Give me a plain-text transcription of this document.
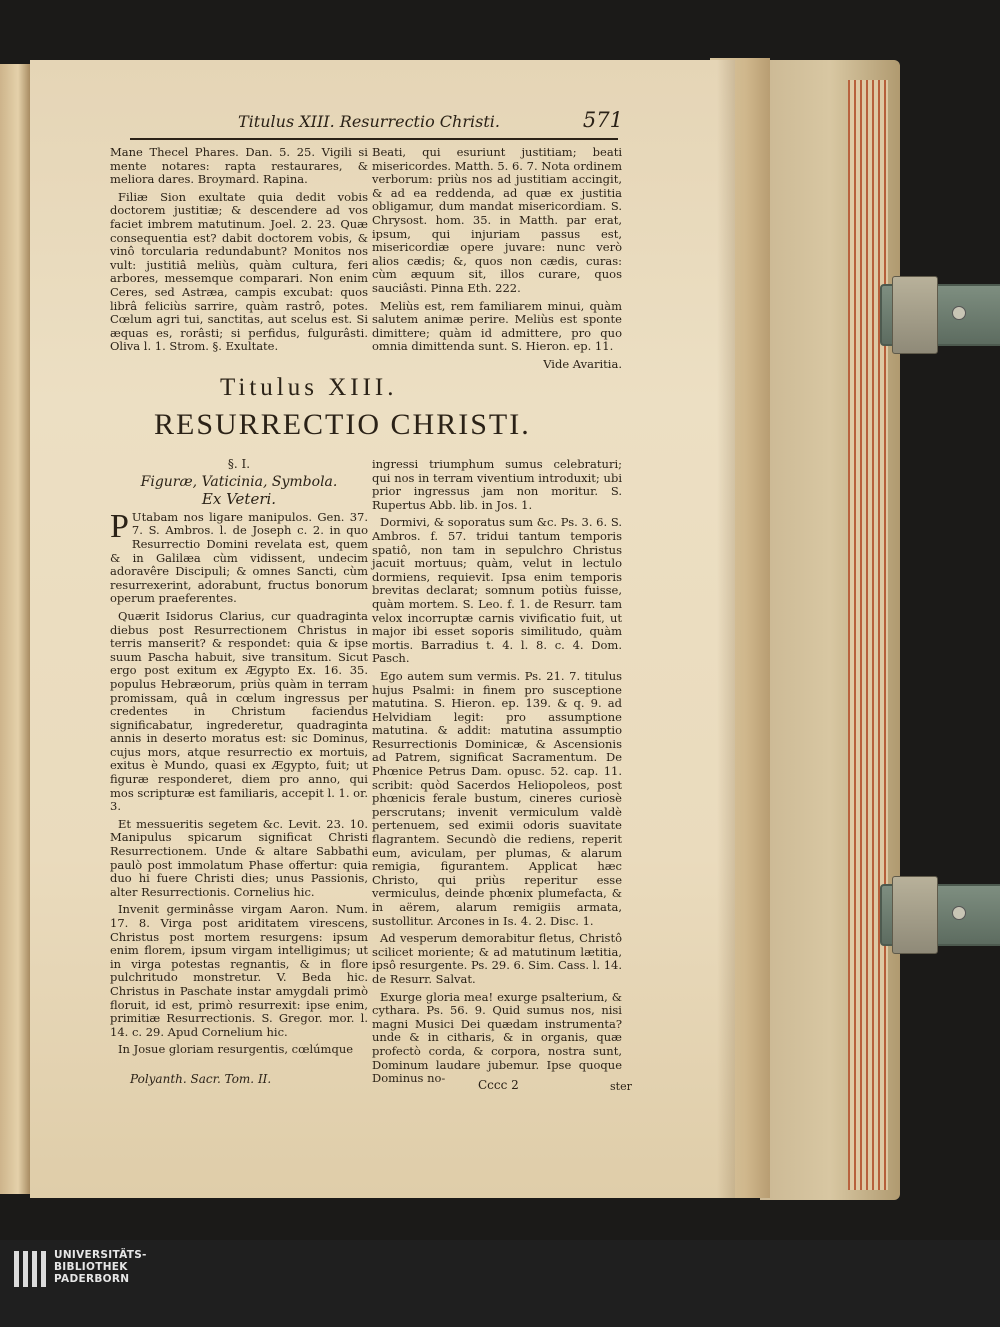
Titulus XIII. Resurrectio Christi.	571

Mane Thecel Phares. Dan. 5. 25. Vigili si mente notares: rapta restaurares, & meliora dares. Broymard. Rapina.

Filiæ Sion exultate quia dedit vobis doctorem justitiæ; & descendere ad vos faciet imbrem matutinum. Joel. 2. 23. Quæ consequentia est? dabit doctorem vobis, & vinô torcularia redundabunt? Monitos nos vult: justitiâ meliùs, quàm cultura, feri arbores, messemque comparari. Non enim Ceres, sed Astræa, campis excubat: quos librâ feliciùs sarrire, quàm rastrô, potes. Cœlum agri tui, sanctitas, aut scelus est. Si æquas es, rorâsti; si perfidus, fulgurâsti. Oliva l. 1. Strom. §. Exultate.

Beati, qui esuriunt justitiam; beati misericordes. Matth. 5. 6. 7. Nota ordinem verborum: priùs nos ad justitiam accingit, & ad ea reddenda, ad quæ ex justitia obligamur, dum mandat misericordiam. S. Chrysost. hom. 35. in Matth. par erat, ipsum, qui injuriam passus est, misericordiæ opere juvare: nunc verò alios cædis; &, quos non cædis, curas: cùm æquum sit, illos curare, quos sauciâsti. Pinna Eth. 222.

Meliùs est, rem familiarem minui, quàm salutem animæ perire. Meliùs est sponte dimittere; quàm id admittere, pro quo omnia dimittenda sunt. S. Hieron. ep. 11.

Vide Avaritia.

Titulus XIII.
RESURRECTIO CHRISTI.

§. I.

Figuræ, Vaticinia, Symbola.

Ex Veteri.

P Utabam nos ligare manipulos. Gen. 37. 7. S. Ambros. l. de Joseph c. 2. in quo Resurrectio Domini revelata est, quem & in Galilæa cùm vidissent, undecim adoravêre Discipuli; & omnes Sancti, cùm resurrexerint, adorabunt, fructus bonorum operum praeferentes.

Quærit Isidorus Clarius, cur quadraginta diebus post Resurrectionem Christus in terris manserit? & respondet: quia & ipse suum Pascha habuit, sive transitum. Sicut ergo post exitum ex Ægypto Ex. 16. 35. populus Hebræorum, priùs quàm in terram promissam, quâ in cœlum ingressus per credentes in Christum faciendus significabatur, ingrederetur, quadraginta annis in deserto moratus est: sic Dominus, cujus mors, atque resurrectio ex mortuis, exitus è Mundo, quasi ex Ægypto, fuit; ut figuræ responderet, diem pro anno, qui mos scripturæ est familiaris, accepit l. 1. or. 3.

Et messueritis segetem &c. Levit. 23. 10. Manipulus spicarum significat Christi Resurrectionem. Unde & altare Sabbathi paulò post immolatum Phase offertur: quia duo hi fuere Christi dies; unus Passionis, alter Resurrectionis. Cornelius hic.

Invenit germinâsse virgam Aaron. Num. 17. 8. Virga post ariditatem virescens, Christus post mortem resurgens: ipsum enim florem, ipsum virgam intelligimus; ut in virga potestas regnantis, & in flore pulchritudo monstretur. V. Beda hic. Christus in Paschate instar amygdali primò floruit, id est, primò resurrexit: ipse enim, primitiæ Resurrectionis. S. Gregor. mor. l. 14. c. 29. Apud Cornelium hic.

In Josue gloriam resurgentis, cœlúmque

ingressi triumphum sumus celebraturi; qui nos in terram viventium introduxit; ubi prior ingressus jam non moritur. S. Rupertus Abb. lib. in Jos. 1.

Dormivi, & soporatus sum &c. Ps. 3. 6. S. Ambros. f. 57. tridui tantum temporis spatiô, non tam in sepulchro Christus jacuit mortuus; quàm, velut in lectulo dormiens, requievit. Ipsa enim temporis brevitas declarat; somnum potiùs fuisse, quàm mortem. S. Leo. f. 1. de Resurr. tam velox incorruptæ carnis vivificatio fuit, ut major ibi esset soporis similitudo, quàm mortis. Barradius t. 4. l. 8. c. 4. Dom. Pasch.

Ego autem sum vermis. Ps. 21. 7. titulus hujus Psalmi: in finem pro susceptione matutina. S. Hieron. ep. 139. & q. 9. ad Helvidiam legit: pro assumptione matutina. & addit: matutina assumptio Resurrectionis Dominicæ, & Ascensionis ad Patrem, significat Sacramentum. De Phœnice Petrus Dam. opusc. 52. cap. 11. scribit: quòd Sacerdos Heliopoleos, post phœnicis ferale bustum, cineres curiosè perscrutans; invenit vermiculum valdè pertenuem, sed eximii odoris suavitate flagrantem. Secundò die rediens, reperit eum, aviculam, per plumas, & alarum remigia, figurantem. Applicat hæc Christo, qui priùs reperitur esse vermiculus, deinde phœnix plumefacta, & in aërem, alarum remigiis armata, sustollitur. Arcones in Is. 4. 2. Disc. 1.

Ad vesperum demorabitur fletus, Christô scilicet moriente; & ad matutinum lætitia, ipsô resurgente. Ps. 29. 6. Sim. Cass. l. 14. de Resurr. Salvat.

Exurge gloria mea! exurge psalterium, & cythara. Ps. 56. 9. Quid sumus nos, nisi magni Musici Dei quædam instrumenta? unde & in citharis, & in organis, quæ profectò corda, & corpora, nostra sunt, Dominum laudare jubemur. Ipse quoque Dominus no-

Polyanth. Sacr. Tom. II.	Cccc 2	ster
UNIVERSITÄTS-
BIBLIOTHEK
PADERBORN
